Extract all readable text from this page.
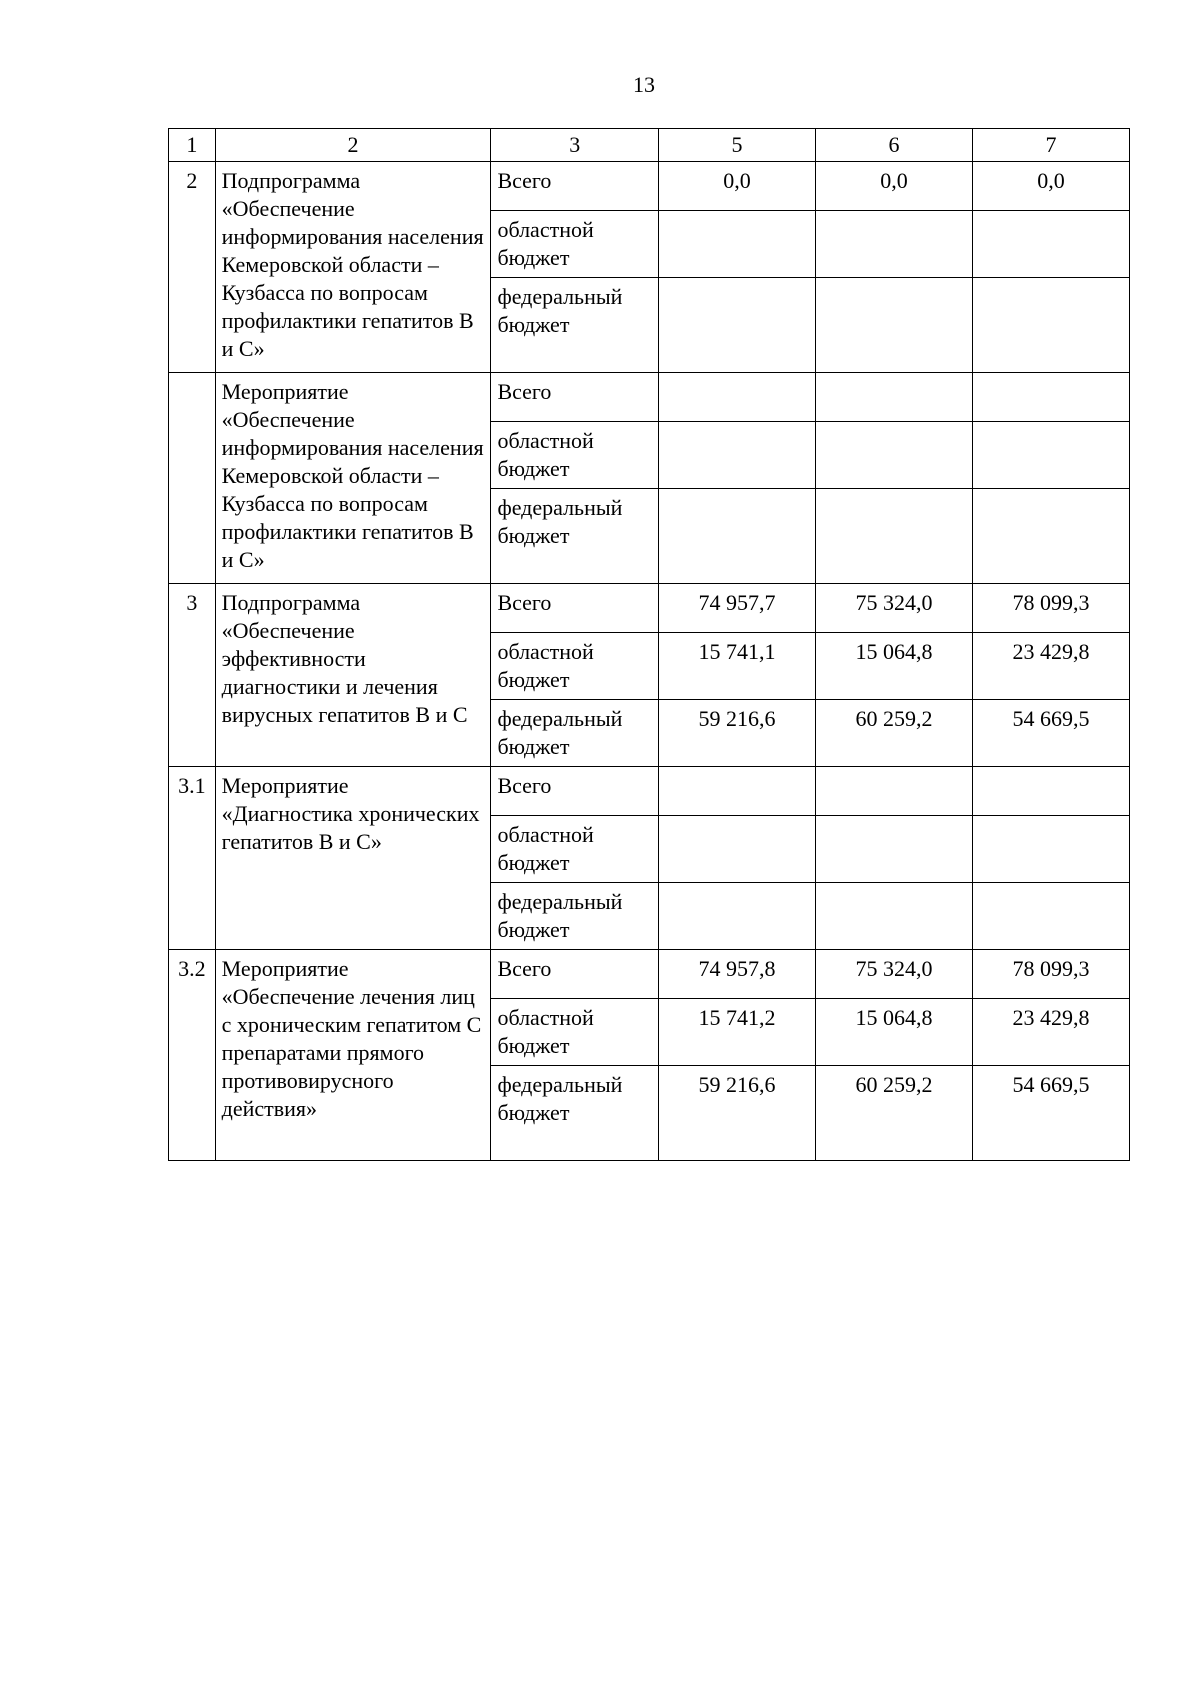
13
1	2	3	5	6	7
2	Подпрограмма «Обеспечение информирования населения Кемеровской области – Кузбасса по вопросам профилактики гепатитов В и С»	Всего	0,0	0,0	0,0
		областной бюджет			
		федеральный бюджет			
	Мероприятие «Обеспечение информирования населения Кемеровской области – Кузбасса по вопросам профилактики гепатитов В и С»	Всего			
		областной бюджет			
		федеральный бюджет			
3	Подпрограмма «Обеспечение эффективности диагностики и лечения вирусных гепатитов В и С	Всего	74 957,7	75 324,0	78 099,3
		областной бюджет	15 741,1	15 064,8	23 429,8
		федеральный бюджет	59 216,6	60 259,2	54 669,5
3.1	Мероприятие «Диагностика хронических гепатитов В и С»	Всего			
		областной бюджет			
		федеральный бюджет			
3.2	Мероприятие «Обеспечение лечения лиц с хроническим гепатитом С препаратами прямого противовирусного действия»	Всего	74 957,8	75 324,0	78 099,3
		областной бюджет	15 741,2	15 064,8	23 429,8
		федеральный бюджет	59 216,6	60 259,2	54 669,5
